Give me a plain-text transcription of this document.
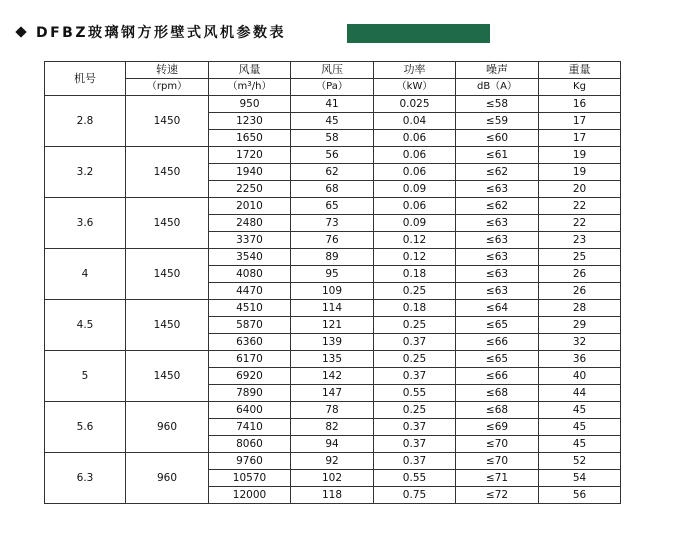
DFBZ玻璃钢方形壁式风机参数表
机号	转速	风量	风压	功率	噪声	重量
	（rpm）	$(m^3/h)$	（Pa）	（kW）	dB（A）	Kg
2.8	1450	950	41	0.025	≤58	16
		1230	45	0.04	≤59	17
		1650	58	0.06	≤60	17
3.2	1450	1720	56	0.06	≤61	19
		1940	62	0.06	≤62	19
		2250	68	0.09	≤63	20
3.6	1450	2010	65	0.06	≤62	22
		2480	73	0.09	≤63	22
		3370	76	0.12	≤63	23
4	1450	3540	89	0.12	≤63	25
		4080	95	0.18	≤63	26
		4470	109	0.25	≤63	26
4.5	1450	4510	114	0.18	≤64	28
		5870	121	0.25	≤65	29
		6360	139	0.37	≤66	32
5	1450	6170	135	0.25	≤65	36
		6920	142	0.37	≤66	40
		7890	147	0.55	≤68	44
5.6	960	6400	78	0.25	≤68	45
		7410	82	0.37	≤69	45
		8060	94	0.37	≤70	45
6.3	960	9760	92	0.37	≤70	52
		10570	102	0.55	≤71	54
		12000	118	0.75	≤72	56
